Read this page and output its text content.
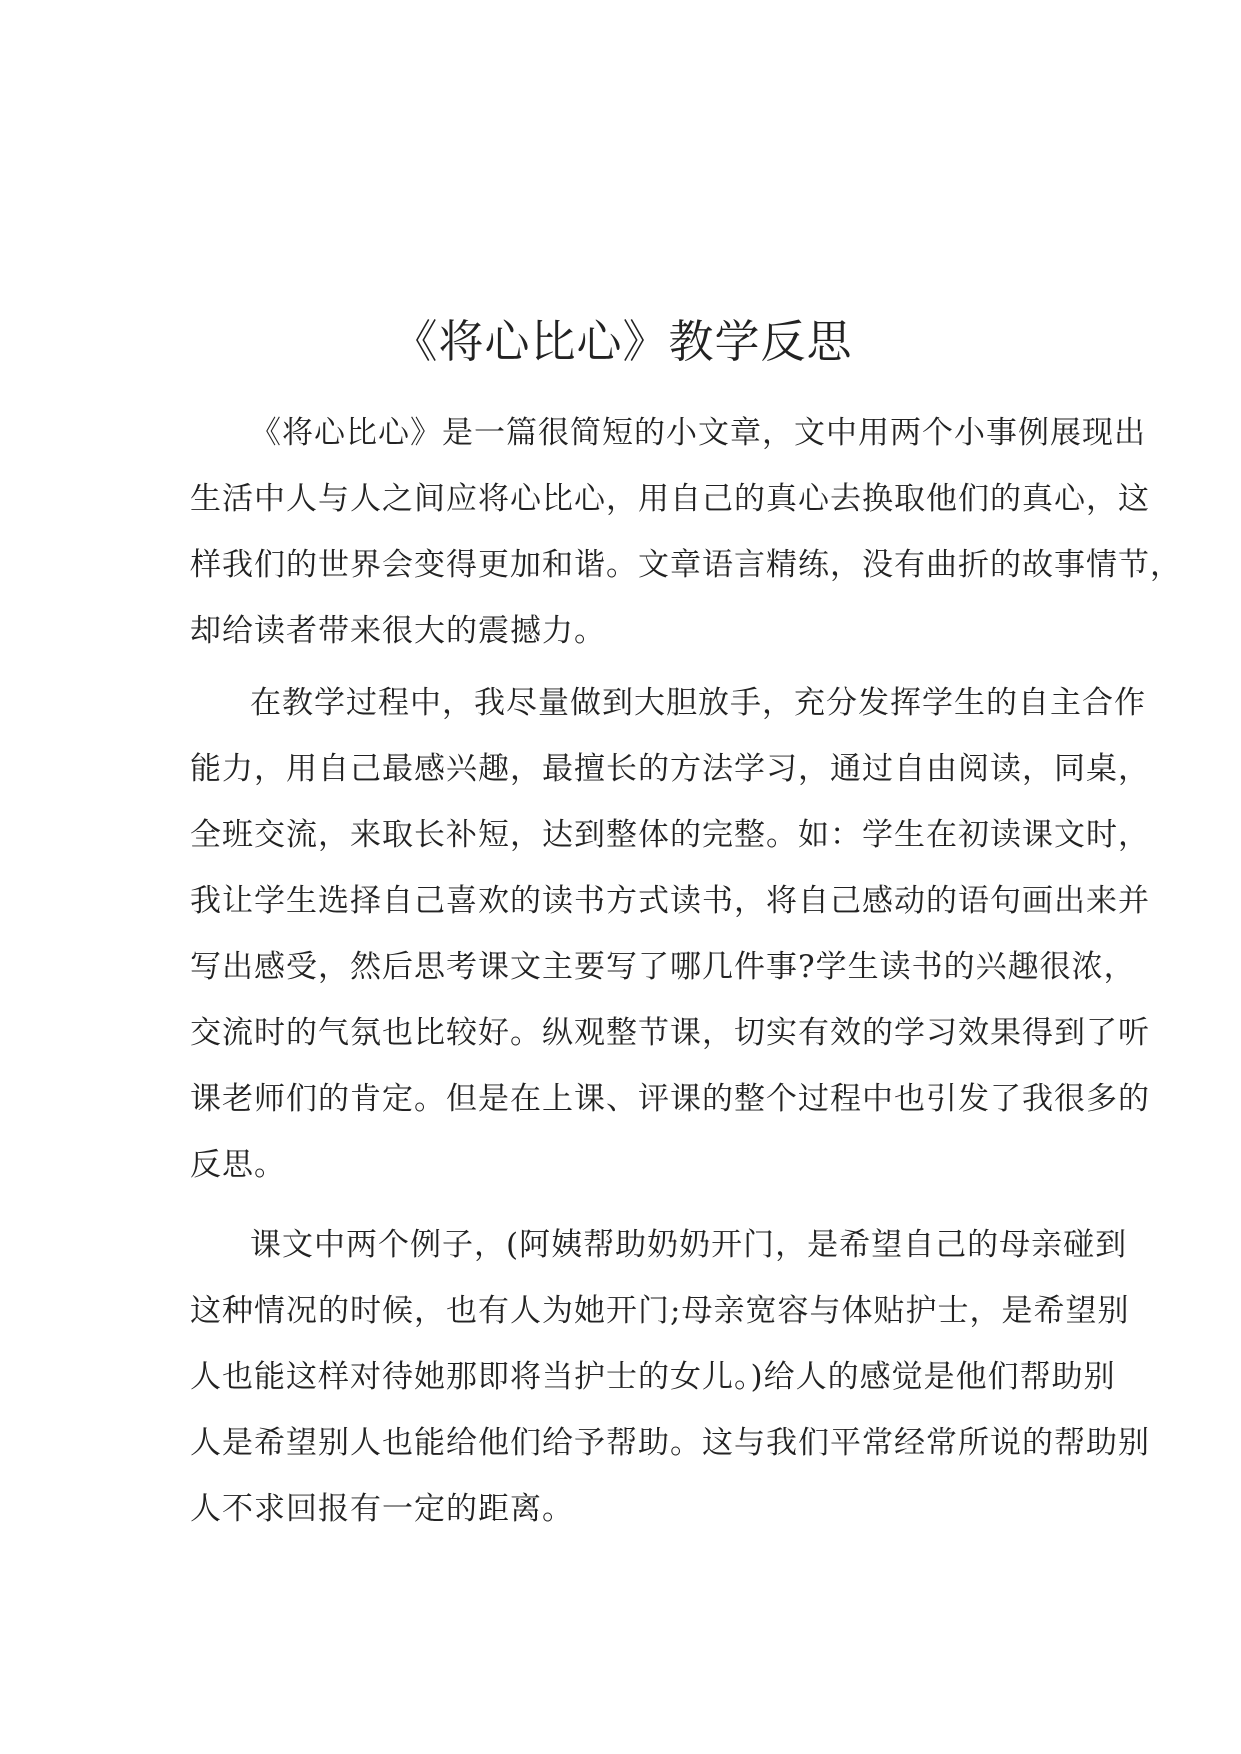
《将心比心》教学反思
《将心比心》是一篇很简短的小文章，文中用两个小事例展现出
生活中人与人之间应将心比心，用自己的真心去换取他们的真心，这
样我们的世界会变得更加和谐。文章语言精练，没有曲折的故事情节，
却给读者带来很大的震撼力。
在教学过程中，我尽量做到大胆放手，充分发挥学生的自主合作
能力，用自己最感兴趣，最擅长的方法学习，通过自由阅读，同桌，
全班交流，来取长补短，达到整体的完整。如：学生在初读课文时，
我让学生选择自己喜欢的读书方式读书，将自己感动的语句画出来并
写出感受，然后思考课文主要写了哪几件事?学生读书的兴趣很浓，
交流时的气氛也比较好。纵观整节课，切实有效的学习效果得到了听
课老师们的肯定。但是在上课、评课的整个过程中也引发了我很多的
反思。
课文中两个例子，(阿姨帮助奶奶开门，是希望自己的母亲碰到
这种情况的时候，也有人为她开门;母亲宽容与体贴护士，是希望别
人也能这样对待她那即将当护士的女儿。)给人的感觉是他们帮助别
人是希望别人也能给他们给予帮助。这与我们平常经常所说的帮助别
人不求回报有一定的距离。
